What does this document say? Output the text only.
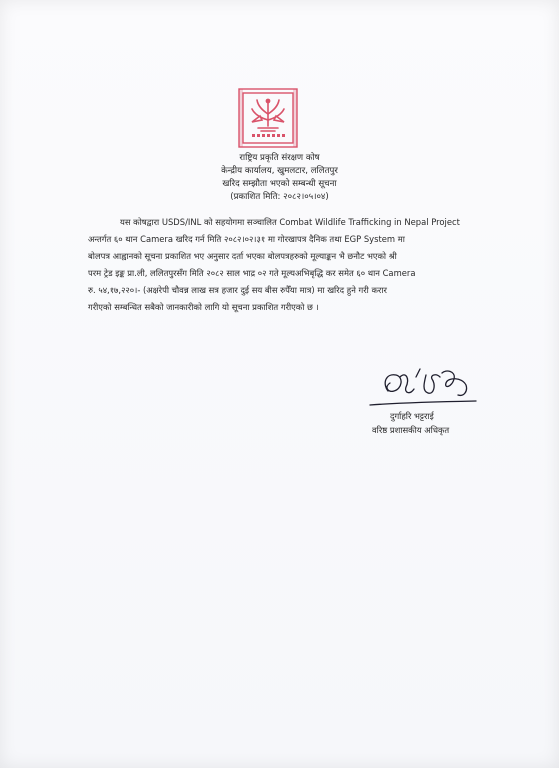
राष्ट्रिय प्रकृति संरक्षण कोष
केन्द्रीय कार्यालय, खुमलटार, ललितपुर
खरिद सम्झौता भएको सम्बन्धी सूचना
(प्रकाशित मिति: २०८२।०५।०४)
यस कोषद्वारा USDS/INL को सहयोगमा सञ्चालित Combat Wildlife Trafficking in Nepal Project
अन्तर्गत ६० थान Camera खरिद गर्न मिति २०८२।०२।३१ मा गोरखापत्र दैनिक तथा EGP System मा
बोलपत्र आह्वानको सूचना प्रकाशित भए अनुसार दर्ता भएका बोलपत्रहरुको मूल्याङ्कन भै छनौट भएको श्री
परम ट्रेड इङ्क प्रा.ली, ललितपुरसँग मिति २०८२ साल भाद्र ०२ गते मूल्यअभिबृद्धि कर समेत ६० थान Camera
रु. ५४,१७,२२०।- (अक्षरेपी चौवन्न लाख सत्र हजार दुई सय बीस रुपैँया मात्र) मा खरिद हुने गरी करार
गरीएको सम्बन्धित सबैको जानकारीको लागि यो सूचना प्रकाशित गरीएको छ ।
दुर्गाहरि भट्टराई
वरिष्ठ प्रशासकीय अधिकृत
